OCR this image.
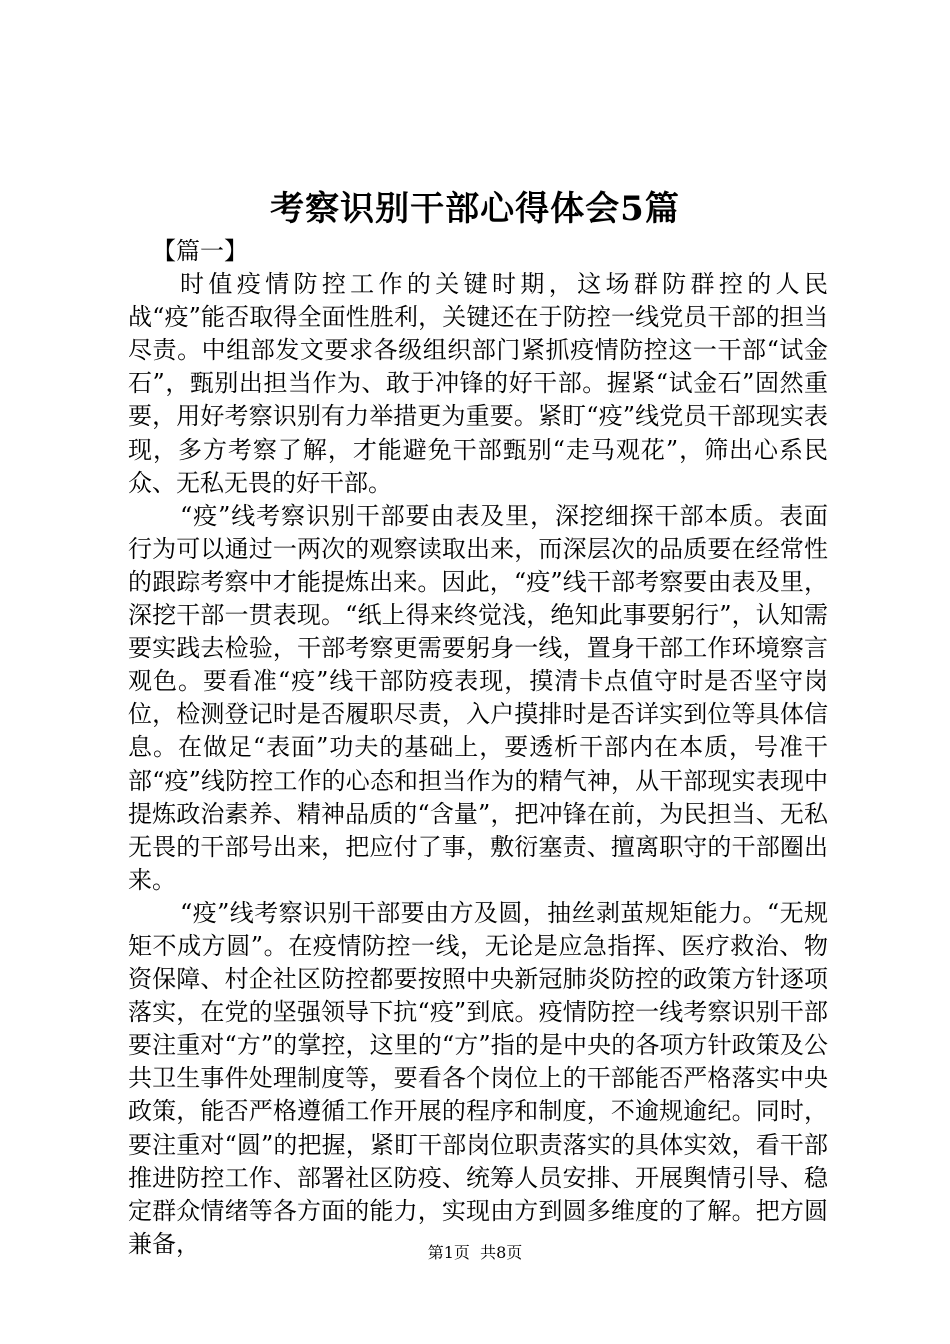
考察识别干部心得体会5篇

【篇一】

时值疫情防控工作的关键时期，这场群防群控的人民战“疫”能否取得全面性胜利，关键还在于防控一线党员干部的担当尽责。中组部发文要求各级组织部门紧抓疫情防控这一干部“试金石”，甄别出担当作为、敢于冲锋的好干部。握紧“试金石”固然重要，用好考察识别有力举措更为重要。紧盯“疫”线党员干部现实表现，多方考察了解，才能避免干部甄别“走马观花”，筛出心系民众、无私无畏的好干部。

“疫”线考察识别干部要由表及里，深挖细探干部本质。表面行为可以通过一两次的观察读取出来，而深层次的品质要在经常性的跟踪考察中才能提炼出来。因此，“疫”线干部考察要由表及里，深挖干部一贯表现。“纸上得来终觉浅，绝知此事要躬行”，认知需要实践去检验，干部考察更需要躬身一线，置身干部工作环境察言观色。要看准“疫”线干部防疫表现，摸清卡点值守时是否坚守岗位，检测登记时是否履职尽责，入户摸排时是否详实到位等具体信息。在做足“表面”功夫的基础上，要透析干部内在本质，号准干部“疫”线防控工作的心态和担当作为的精气神，从干部现实表现中提炼政治素养、精神品质的“含量”，把冲锋在前，为民担当、无私无畏的干部号出来，把应付了事，敷衍塞责、擅离职守的干部圈出来。

“疫”线考察识别干部要由方及圆，抽丝剥茧规矩能力。“无规矩不成方圆”。在疫情防控一线，无论是应急指挥、医疗救治、物资保障、村企社区防控都要按照中央新冠肺炎防控的政策方针逐项落实，在党的坚强领导下抗“疫”到底。疫情防控一线考察识别干部要注重对“方”的掌控，这里的“方”指的是中央的各项方针政策及公共卫生事件处理制度等，要看各个岗位上的干部能否严格落实中央政策，能否严格遵循工作开展的程序和制度，不逾规逾纪。同时，要注重对“圆”的把握，紧盯干部岗位职责落实的具体实效，看干部推进防控工作、部署社区防疫、统筹人员安排、开展舆情引导、稳定群众情绪等各方面的能力，实现由方到圆多维度的了解。把方圆兼备，	第1页 共8页
